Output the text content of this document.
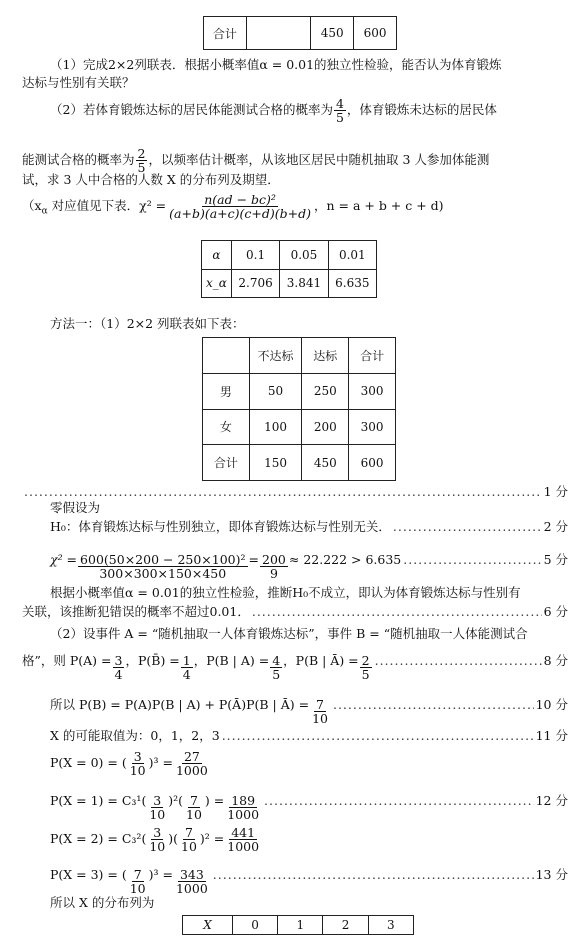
合计		450	600
（1）完成2×2列联表．根据小概率值α = 0.01的独立性检验，能否认为体育锻炼
达标与性别有关联？
（2）若体育锻炼达标的居民体能测试合格的概率为 $\frac{4}{5}$ ，体育锻炼未达标的居民体
能测试合格的概率为 $\frac{2}{5}$ ，以频率估计概率，从该地区居民中随机抽取 3 人参加体能测
试，求 3 人中合格的人数 X 的分布列及期望．
（$x_\alpha$ 对应值见下表．$\chi^2 = \frac{\text{n(ad − bc)²}}{(a+b)(a+c)(c+d)(b+d)}$ ，n = a + b + c + d)
α	0.1	0.05	0.01
x_α	2.706	3.841	6.635
方法一：（1）2×2 列联表如下表：
	不达标	达标	合计
男	50	250	300
女	100	200	300
合计	150	450	600
.....
1 分
零假设为
H₀：体育锻炼达标与性别独立，即体育锻炼达标与性别无关． .....	2 分
$\chi^2 = \frac{\text{600(50×200 − 250×100)²}}{300\times 300\times 150\times 450} = \frac{200}{9} \approx 22.222 > 6.635$ .....	5 分
根据小概率值α = 0.01的独立性检验，推断H₀不成立，即认为体育锻炼达标与性别有
关联，该推断犯错误的概率不超过0.01． .....	6 分
（2）设事件 A = “随机抽取一人体育锻炼达标”，事件 B = “随机抽取一人体能测试合
格”，则 $P(A) = \frac{3}{4}$ ，P(B̄) = $\frac{1}{4}$ ，P(B | $A) = \frac{4}{5}$ ，P(B | Ā) = $\frac{2}{5}$ .....	8 分
所以 P(B) = P(A)P(B | A) + P(Ā)P(B | Ā) = $\frac{7}{10}$ .....	10 分
X 的可能取值为：0，1，2，3 .....	11 分
P(X = 0) = ( $\frac{3}{10} )^3 = \frac{27}{1000}$
$P(X = 1) = C_3^1( \frac{3}{10} )^2( \frac{7}{10}$ ) = $\frac{189}{1000}$ .....	12 分
$P(X = 2) = C_3^2( \frac{3}{10}$ )( $\frac{7}{10} )^2 = \frac{441}{1000}$
P(X = 3) = ( $\frac{7}{10} )^3 = \frac{343}{1000}$ .....	13 分
所以 X 的分布列为
X	0	1	2	3
